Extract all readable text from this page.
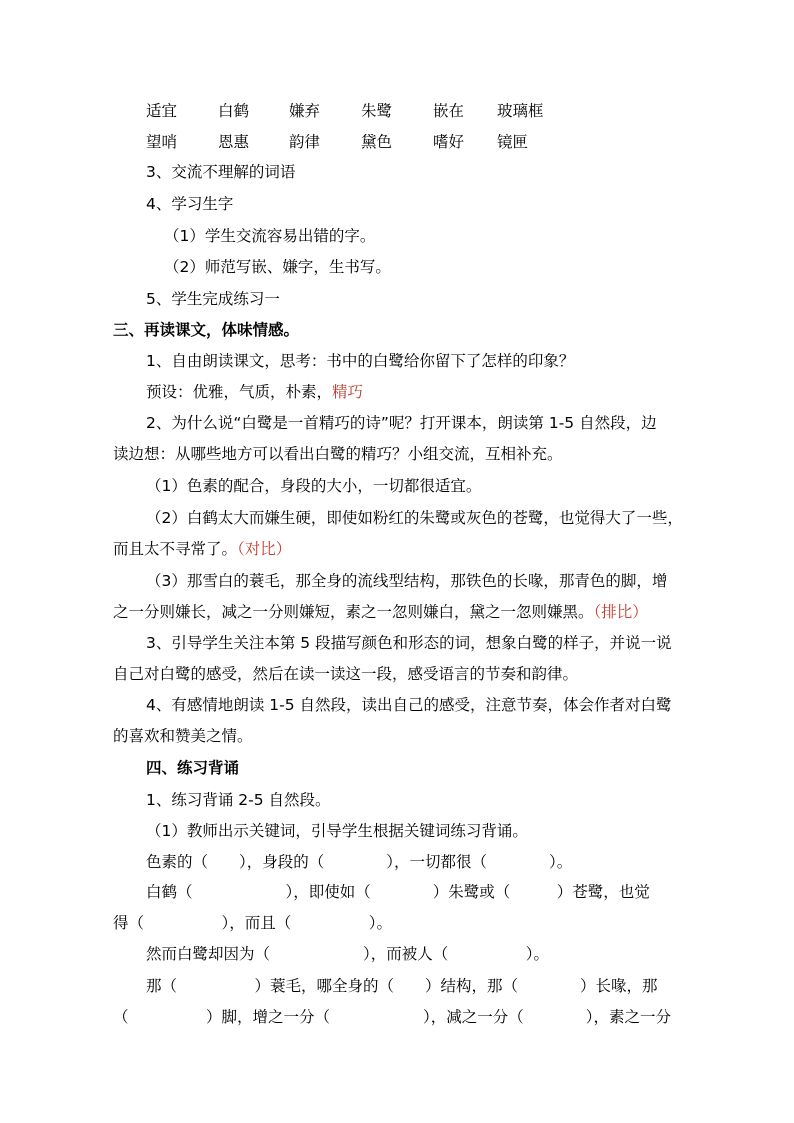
适宜	白鹤	嫌弃	朱鹭	嵌在 玻璃框
望哨	恩惠	韵律	黛色	嗜好 镜匣
3、交流不理解的词语
4、学习生字
（1）学生交流容易出错的字。
（2）师范写嵌、嫌字，生书写。
5、学生完成练习一
三、再读课文，体味情感。
1、自由朗读课文，思考：书中的白鹭给你留下了怎样的印象？
预设：优雅，气质，朴素，精巧
2、为什么说“白鹭是一首精巧的诗”呢？打开课本，朗读第 1-5 自然段，边
读边想：从哪些地方可以看出白鹭的精巧？小组交流，互相补充。
（1）色素的配合，身段的大小，一切都很适宜。
（2）白鹤太大而嫌生硬，即使如粉红的朱鹭或灰色的苍鹭，也觉得大了一些，
而且太不寻常了。（对比）
（3）那雪白的蓑毛，那全身的流线型结构，那铁色的长喙，那青色的脚，增
之一分则嫌长，减之一分则嫌短，素之一忽则嫌白，黛之一忽则嫌黑。（排比）
3、引导学生关注本第 5 段描写颜色和形态的词，想象白鹭的样子，并说一说
自己对白鹭的感受，然后在读一读这一段，感受语言的节奏和韵律。
4、有感情地朗读 1-5 自然段，读出自己的感受，注意节奏，体会作者对白鹭
的喜欢和赞美之情。
四、练习背诵
1、练习背诵 2-5 自然段。
（1）教师出示关键词，引导学生根据关键词练习背诵。
色素的（　　），身段的（　　　　），一切都很（　　　　）。
白鹤（　　　　　　），即使如（　　　　）朱鹭或（　　　）苍鹭，也觉
得（　　　　　），而且（　　　　　）。
然而白鹭却因为（　　　　　　），而被人（　　　　　）。
那（　　　　　）蓑毛，哪全身的（　　）结构，那（　　　　）长喙，那
（　　　　　）脚，增之一分（　　　　　　），减之一分（　　　　），素之一分
